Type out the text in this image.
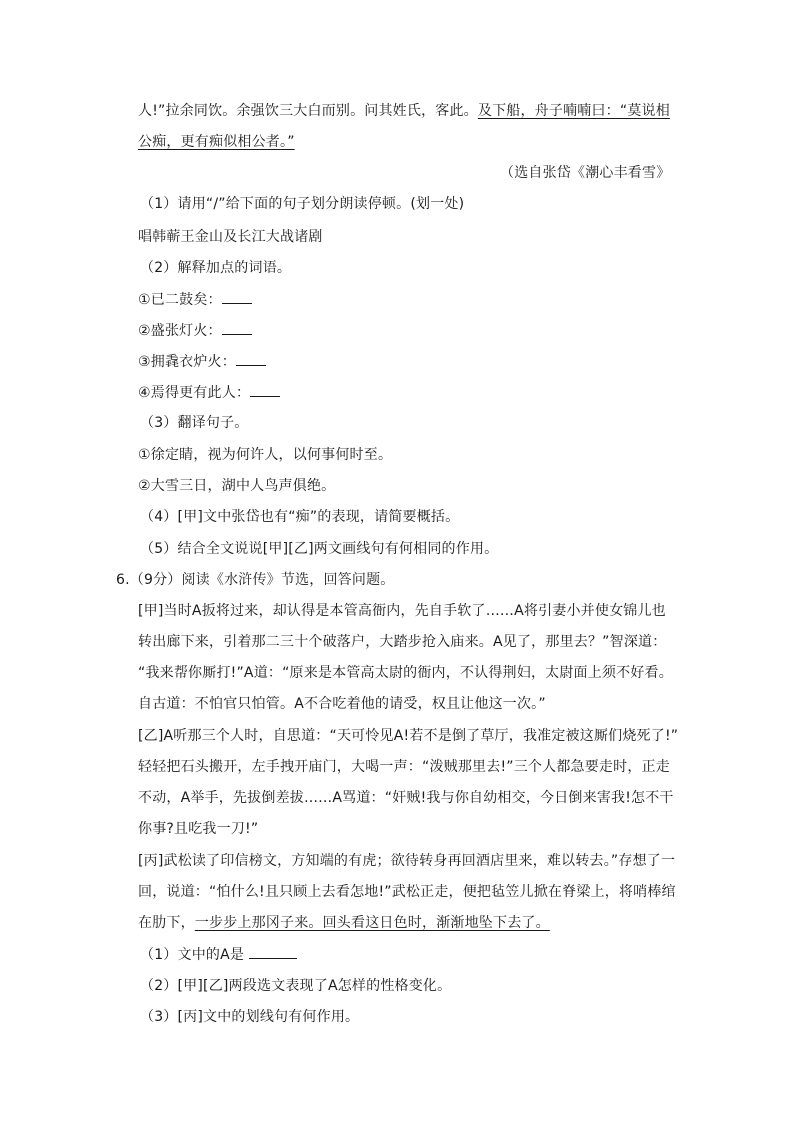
人!”拉余同饮。余强饮三大白而别。问其姓氏，客此。及下船，舟子喃喃曰：“莫说相
公痴，更有痴似相公者。”
（选自张岱《潮心丰看雪》
（1）请用“/”给下面的句子划分朗读停顿。(划一处)
唱韩蕲王金山及长江大战诸剧
（2）解释加点的词语。
①已二鼓矣：
②盛张灯火：
③拥毳衣炉火：
④焉得更有此人：
（3）翻译句子。
①徐定睛，视为何许人，以何事何时至。
②大雪三日，湖中人鸟声俱绝。
（4）[甲]文中张岱也有“痴”的表现，请简要概括。
（5）结合全文说说[甲][乙]两文画线句有何相同的作用。
6.（9分）阅读《水浒传》节选，回答问题。
[甲]当时A扳将过来，却认得是本管高衙内，先自手软了……A将引妻小并使女锦儿也
转出廊下来，引着那二三十个破落户，大踏步抢入庙来。A见了，那里去？”智深道：
“我来帮你厮打!”A道：“原来是本管高太尉的衙内，不认得荆妇，太尉面上须不好看。
自古道：不怕官只怕管。A不合吃着他的请受，权且让他这一次。”
[乙]A听那三个人时，自思道：“天可怜见A!若不是倒了草厅，我准定被这厮们烧死了!”
轻轻把石头搬开，左手拽开庙门，大喝一声：“泼贼那里去!”三个人都急要走时，正走
不动，A举手，先拔倒差拔……A骂道：“奸贼!我与你自幼相交，今日倒来害我!怎不干
你事?且吃我一刀!”
[丙]武松读了印信榜文，方知端的有虎；欲待转身再回酒店里来，难以转去。”存想了一
回，说道：“怕什么!且只顾上去看怎地!”武松正走，便把毡笠儿掀在脊梁上，将哨棒绾
在肋下，一步步上那冈子来。回头看这日色时，渐渐地坠下去了。
（1）文中的A是
（2）[甲][乙]两段选文表现了A怎样的性格变化。
（3）[丙]文中的划线句有何作用。
